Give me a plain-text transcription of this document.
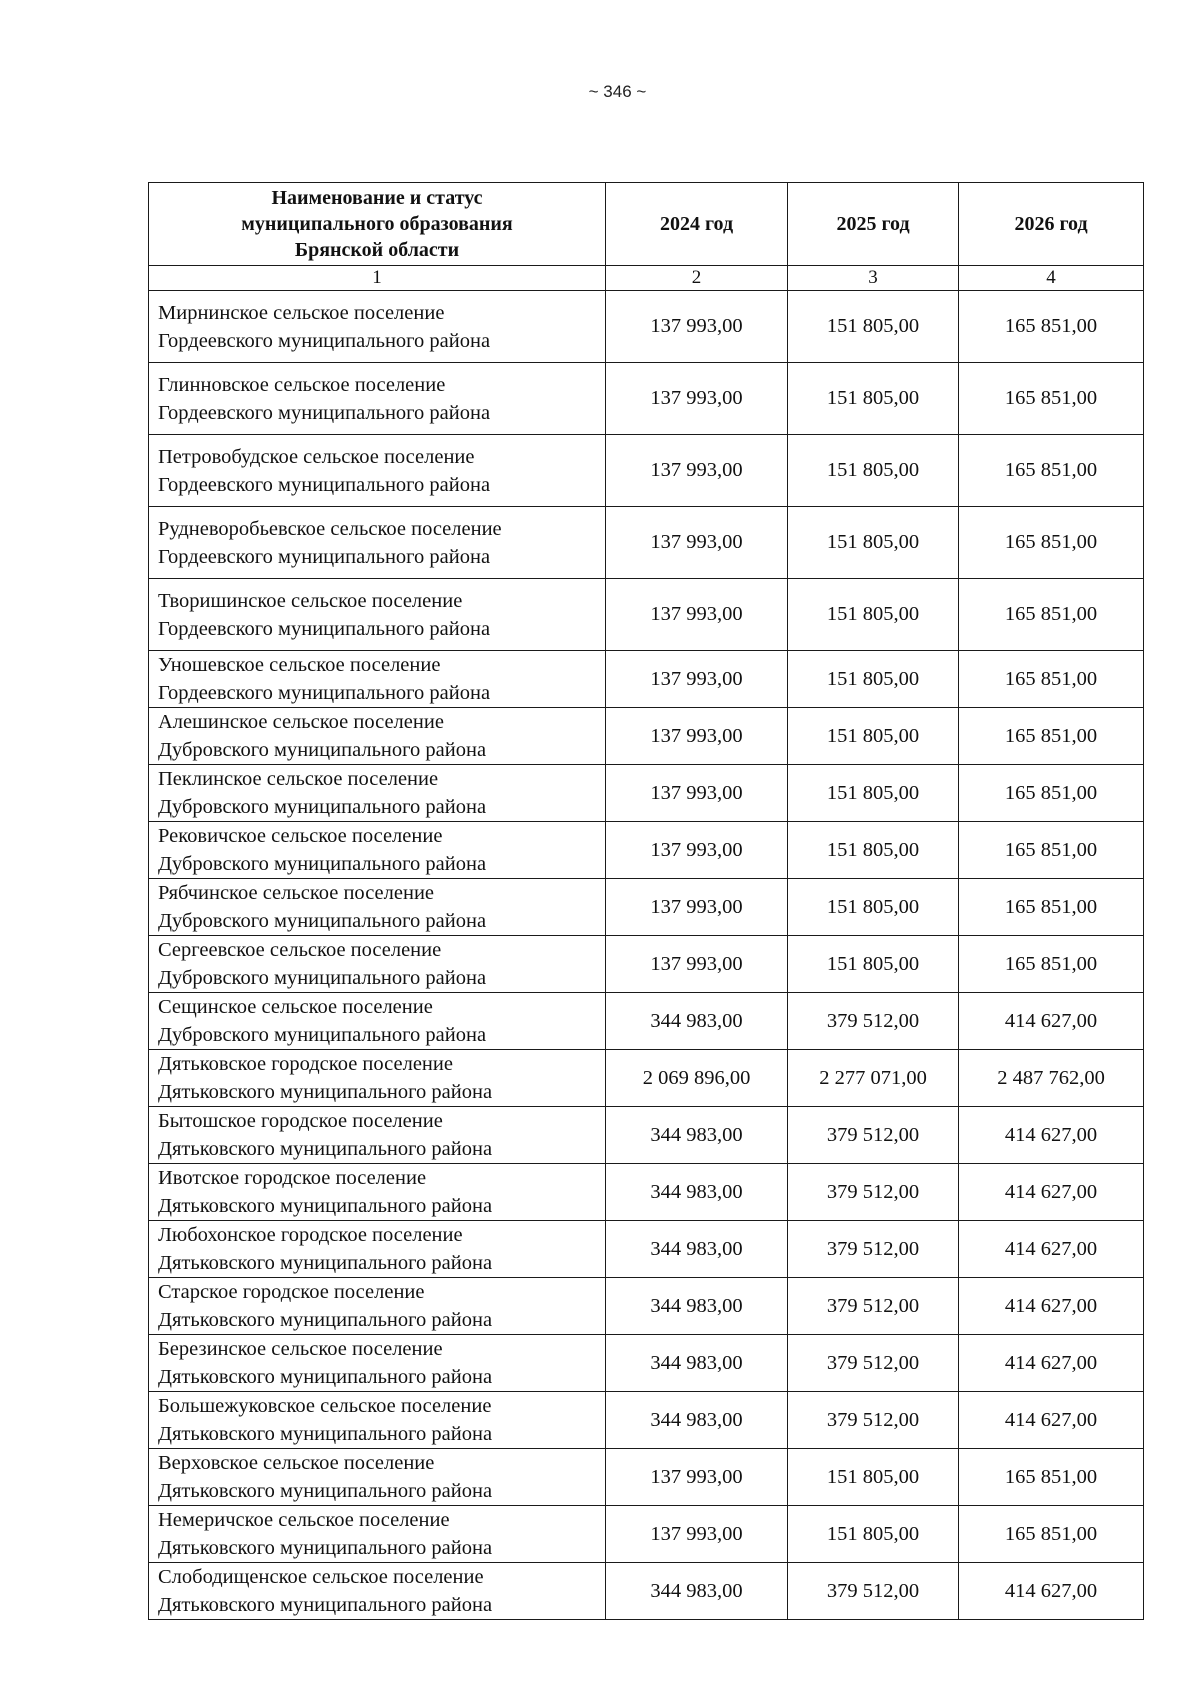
~ 346 ~
Наименование и статус
муниципального образования
Брянской области	2024 год	2025 год	2026 год
1	2	3	4

Мирнинское сельское поселение
Гордеевского муниципального района	137 993,00	151 805,00	165 851,00

Глинновское сельское поселение
Гордеевского муниципального района	137 993,00	151 805,00	165 851,00

Петровобудское сельское поселение
Гордеевского муниципального района	137 993,00	151 805,00	165 851,00

Рудневоробьевское сельское поселение
Гордеевского муниципального района	137 993,00	151 805,00	165 851,00

Творишинское сельское поселение
Гордеевского муниципального района	137 993,00	151 805,00	165 851,00

Уношевское сельское поселение
Гордеевского муниципального района	137 993,00	151 805,00	165 851,00

Алешинское сельское поселение
Дубровского муниципального района	137 993,00	151 805,00	165 851,00

Пеклинское сельское поселение
Дубровского муниципального района	137 993,00	151 805,00	165 851,00

Рековичское сельское поселение
Дубровского муниципального района	137 993,00	151 805,00	165 851,00

Рябчинское сельское поселение
Дубровского муниципального района	137 993,00	151 805,00	165 851,00

Сергеевское сельское поселение
Дубровского муниципального района	137 993,00	151 805,00	165 851,00

Сещинское сельское поселение
Дубровского муниципального района	344 983,00	379 512,00	414 627,00

Дятьковское городское поселение
Дятьковского муниципального района	2 069 896,00	2 277 071,00	2 487 762,00

Бытошское городское поселение
Дятьковского муниципального района	344 983,00	379 512,00	414 627,00

Ивотское городское поселение
Дятьковского муниципального района	344 983,00	379 512,00	414 627,00

Любохонское городское поселение
Дятьковского муниципального района	344 983,00	379 512,00	414 627,00

Старское городское поселение
Дятьковского муниципального района	344 983,00	379 512,00	414 627,00

Березинское сельское поселение
Дятьковского муниципального района	344 983,00	379 512,00	414 627,00

Большежуковское сельское поселение
Дятьковского муниципального района	344 983,00	379 512,00	414 627,00

Верховское сельское поселение
Дятьковского муниципального района	137 993,00	151 805,00	165 851,00

Немеричское сельское поселение
Дятьковского муниципального района	137 993,00	151 805,00	165 851,00

Слободищенское сельское поселение
Дятьковского муниципального района	344 983,00	379 512,00	414 627,00
